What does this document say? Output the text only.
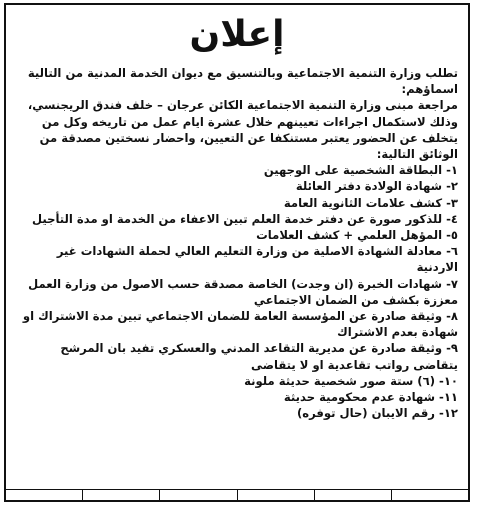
إعلان

تطلب وزارة التنمية الاجتماعية وبالتنسيق مع ديوان الخدمة المدنية من التالية اسماؤهم:

مراجعة مبنى وزارة التنمية الاجتماعية الكائن عرجان – خلف فندق الريجنسي، وذلك لاستكمال اجراءات تعيينهم خلال عشرة ايام عمل من تاريخه وكل من يتخلف عن الحضور يعتبر مستنكفا عن التعيين، واحضار نسختين مصدقة من الوثائق التالية:

١- البطاقة الشخصية على الوجهين
٢- شهادة الولادة دفتر العائلة
٣- كشف علامات الثانوية العامة
٤- للذكور صورة عن دفتر خدمة العلم تبين الاعفاء من الخدمة او مدة التأجيل
٥- المؤهل العلمي + كشف العلامات
٦- معادلة الشهادة الاصلية من وزارة التعليم العالي لحملة الشهادات غير الاردنية
٧- شهادات الخبرة (ان وجدت) الخاصة مصدقة حسب الاصول من وزارة العمل معززة بكشف من الضمان الاجتماعي
٨- وثيقة صادرة عن المؤسسة العامة للضمان الاجتماعي تبين مدة الاشتراك او شهادة بعدم الاشتراك
٩- وثيقة صادرة عن مديرية التقاعد المدني والعسكري تفيد بان المرشح يتقاضى رواتب تقاعدية او لا يتقاضى
١٠- (٦) ستة صور شخصية حديثة ملونة
١١- شهادة عدم محكومية حديثة
١٢- رقم الايبان (حال توفره)
